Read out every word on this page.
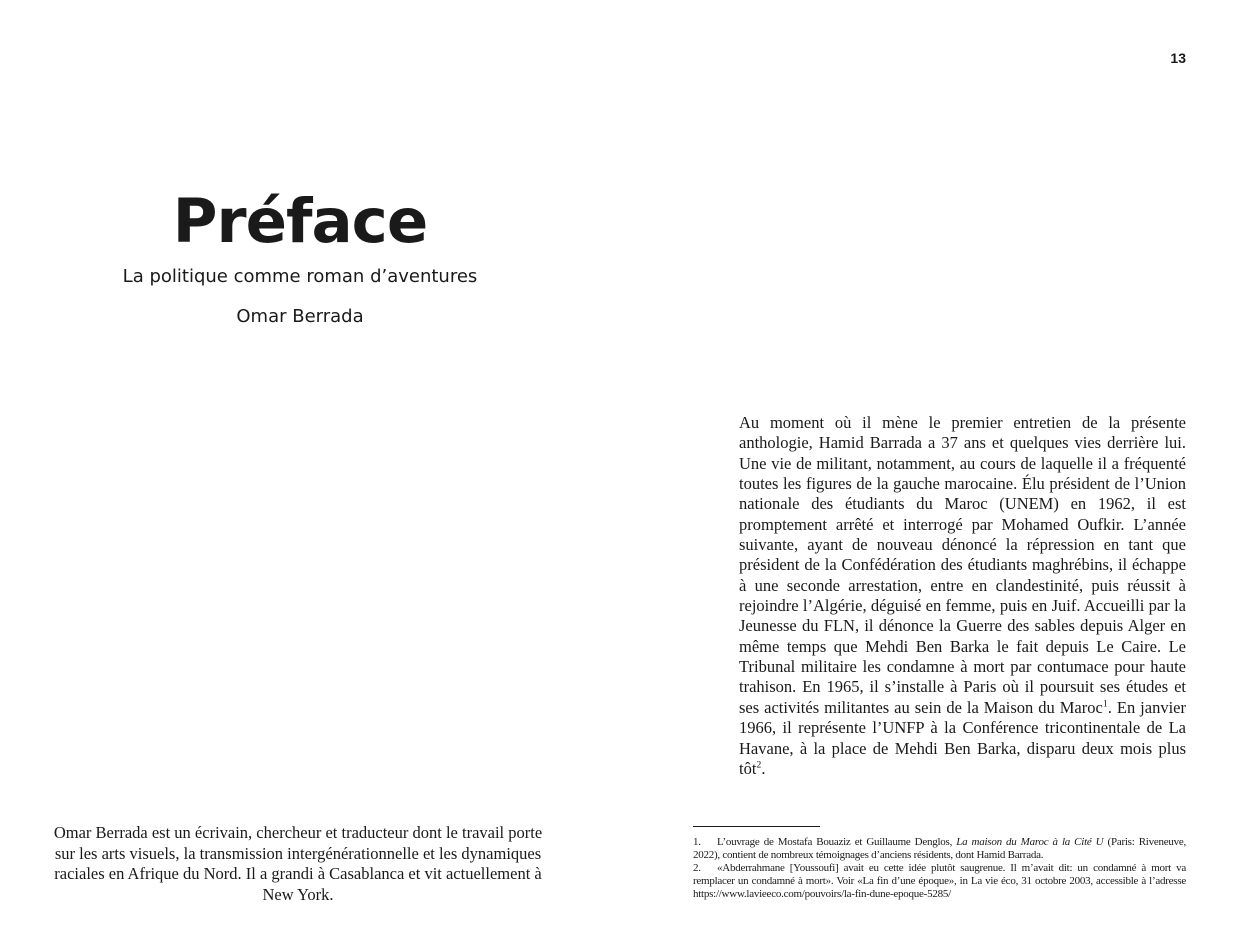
13
Préface
La politique comme roman d’aventures
Omar Berrada

Au moment où il mène le premier entretien de la présente anthologie, Hamid Barrada a 37 ans et quelques vies derrière lui. Une vie de militant, notamment, au cours de laquelle il a fréquenté toutes les figures de la gauche marocaine. Élu président de l’Union nationale des étudiants du Maroc (UNEM) en 1962, il est promptement arrêté et interrogé par Mohamed Oufkir. L’année suivante, ayant de nouveau dénoncé la répression en tant que président de la Confédération des étudiants maghrébins, il échappe à une seconde arrestation, entre en clandestinité, puis réussit à rejoindre l’Algérie, déguisé en femme, puis en Juif. Accueilli par la Jeunesse du FLN, il dénonce la Guerre des sables depuis Alger en même temps que Mehdi Ben Barka le fait depuis Le Caire. Le Tribunal militaire les condamne à mort par contumace pour haute trahison. En 1965, il s’installe à Paris où il poursuit ses études et ses activités militantes au sein de la Maison du Maroc$^1$. En janvier 1966, il représente l’UNFP à la Conférence tricontinentale de La Havane, à la place de Mehdi Ben Barka, disparu deux mois plus tôt$^2$.

Omar Berrada est un écrivain, chercheur et traducteur dont le travail porte sur les arts visuels, la transmission intergénérationnelle et les dynamiques raciales en Afrique du Nord. Il a grandi à Casablanca et vit actuellement à New York.

1. L’ouvrage de Mostafa Bouaziz et Guillaume Denglos, La maison du Maroc à la Cité U (Paris: Riveneuve, 2022), contient de nombreux témoignages d’anciens résidents, dont Hamid Barrada.

2. «Abderrahmane [Youssoufi] avait eu cette idée plutôt saugrenue. Il m’avait dit: un condamné à mort va remplacer un condamné à mort». Voir «La fin d’une époque», in La vie éco, 31 octobre 2003, accessible à l’adresse https://www.lavieeco.com/pouvoirs/la-fin-dune-epoque-5285/
